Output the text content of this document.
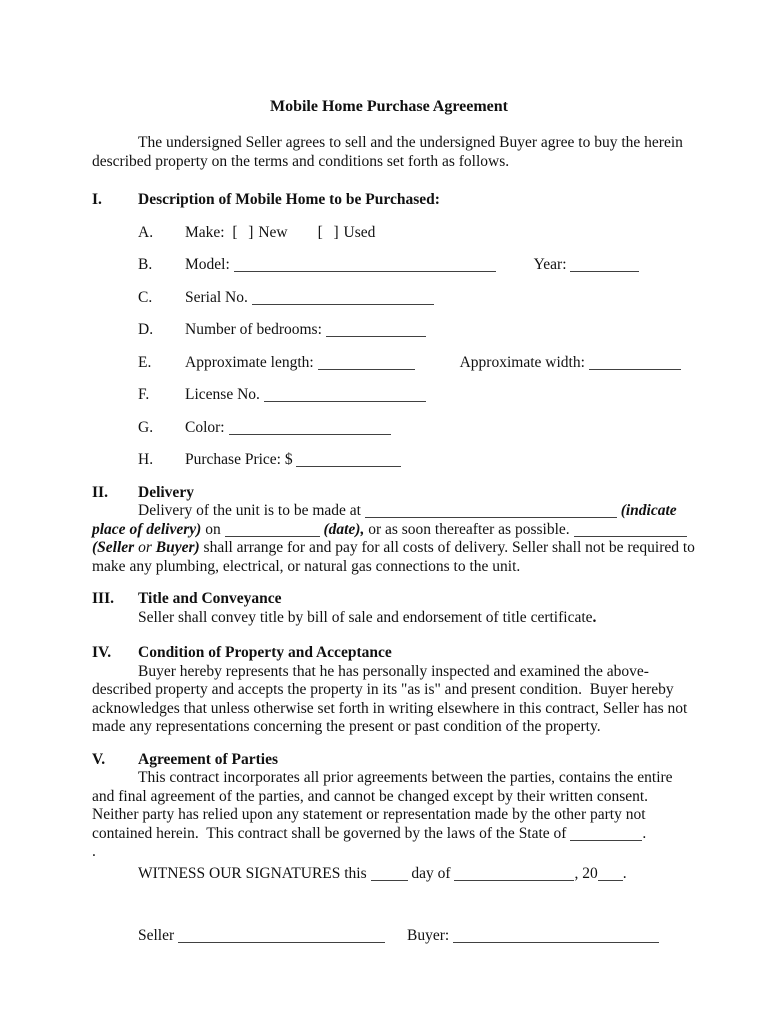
Mobile Home Purchase Agreement
The undersigned Seller agrees to sell and the undersigned Buyer agree to buy the herein
described property on the terms and conditions set forth as follows.
I. Description of Mobile Home to be Purchased:
A. Make:  [  ] New [  ] Used
B. Model:	Year:
C. Serial No.
D. Number of bedrooms:
E. Approximate length:	Approximate width:
F. License No.
G. Color:
H. Purchase Price: $
II. Delivery
Delivery of the unit is to be made at	(indicate
place of delivery) on	(date), or as soon thereafter as possible.
(Seller or Buyer) shall arrange for and pay for all costs of delivery. Seller shall not be required to
make any plumbing, electrical, or natural gas connections to the unit.
III. Title and Conveyance
Seller shall convey title by bill of sale and endorsement of title certificate.
IV. Condition of Property and Acceptance
Buyer hereby represents that he has personally inspected and examined the above-
described property and accepts the property in its "as is" and present condition.  Buyer hereby
acknowledges that unless otherwise set forth in writing elsewhere in this contract, Seller has not
made any representations concerning the present or past condition of the property.
V. Agreement of Parties
This contract incorporates all prior agreements between the parties, contains the entire
and final agreement of the parties, and cannot be changed except by their written consent.
Neither party has relied upon any statement or representation made by the other party not
contained herein.  This contract shall be governed by the laws of the State of	.
.
WITNESS OUR SIGNATURES this  day of	, 20 .
Seller	Buyer:
